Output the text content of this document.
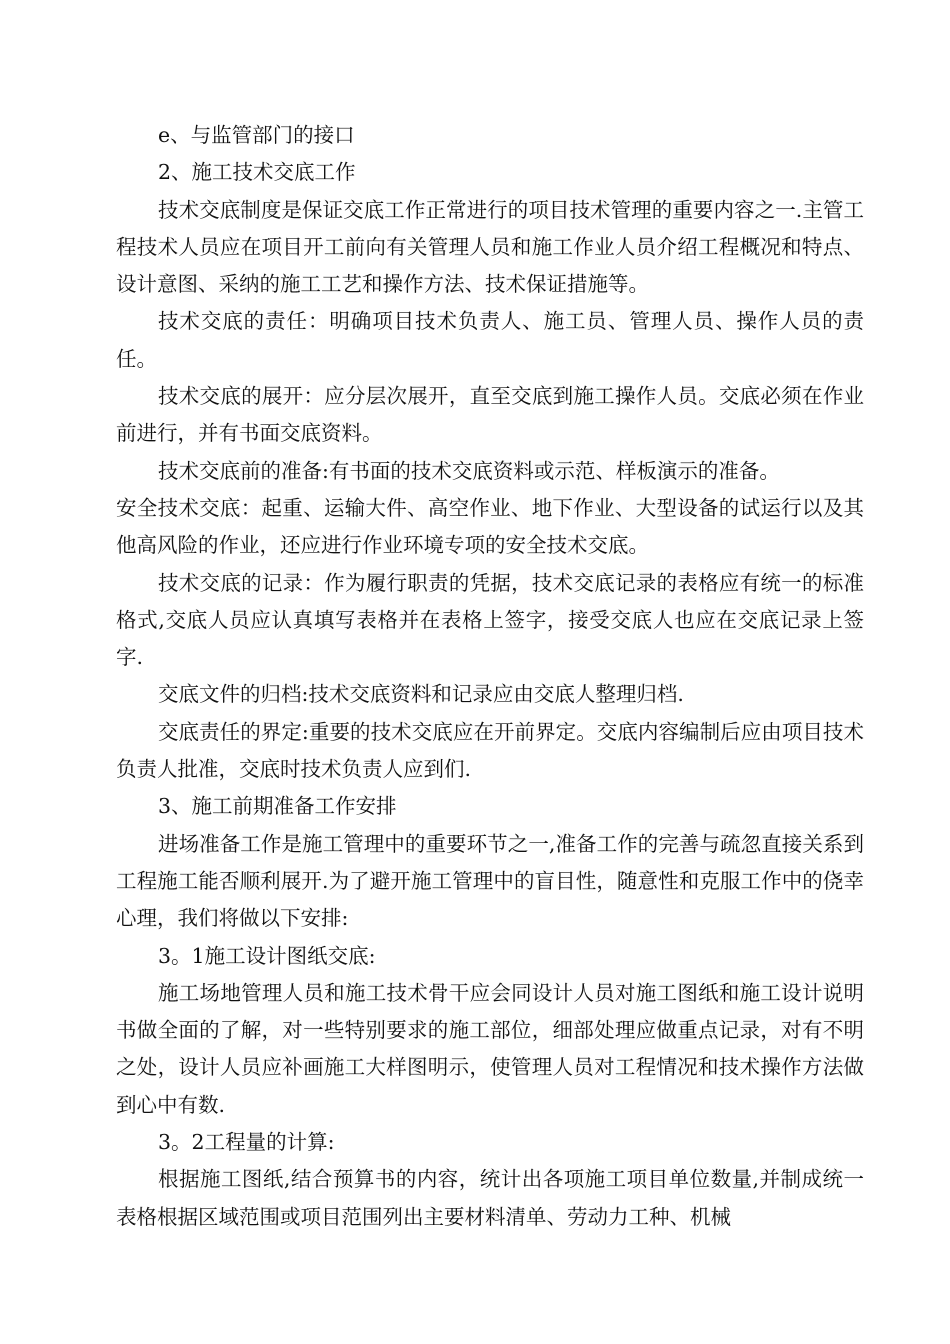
e、与监管部门的接口

2、施工技术交底工作

技术交底制度是保证交底工作正常进行的项目技术管理的重要内容之一.主管工程技术人员应在项目开工前向有关管理人员和施工作业人员介绍工程概况和特点、设计意图、采纳的施工工艺和操作方法、技术保证措施等。

技术交底的责任：明确项目技术负责人、施工员、管理人员、操作人员的责任。

技术交底的展开：应分层次展开，直至交底到施工操作人员。交底必须在作业前进行，并有书面交底资料。

技术交底前的准备:有书面的技术交底资料或示范、样板演示的准备。

安全技术交底：起重、运输大件、高空作业、地下作业、大型设备的试运行以及其他高风险的作业，还应进行作业环境专项的安全技术交底。

技术交底的记录：作为履行职责的凭据，技术交底记录的表格应有统一的标准格式,交底人员应认真填写表格并在表格上签字，接受交底人也应在交底记录上签字.

交底文件的归档:技术交底资料和记录应由交底人整理归档.

交底责任的界定:重要的技术交底应在开前界定。交底内容编制后应由项目技术负责人批准，交底时技术负责人应到们.

3、施工前期准备工作安排

进场准备工作是施工管理中的重要环节之一,准备工作的完善与疏忽直接关系到工程施工能否顺利展开.为了避开施工管理中的盲目性，随意性和克服工作中的侥幸心理，我们将做以下安排:

3。1施工设计图纸交底:

施工场地管理人员和施工技术骨干应会同设计人员对施工图纸和施工设计说明书做全面的了解，对一些特别要求的施工部位，细部处理应做重点记录，对有不明之处，设计人员应补画施工大样图明示，使管理人员对工程情况和技术操作方法做到心中有数.

3。2工程量的计算:

根据施工图纸,结合预算书的内容，统计出各项施工项目单位数量,并制成统一表格根据区域范围或项目范围列出主要材料清单、劳动力工种、机械
